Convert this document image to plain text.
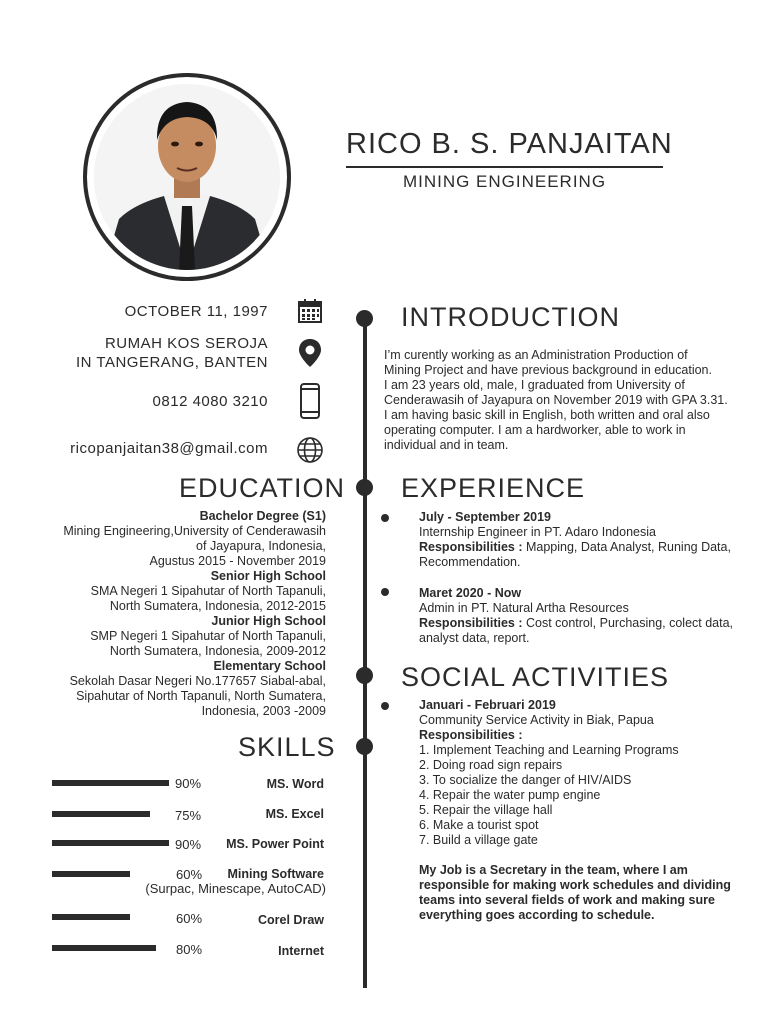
RICO B. S. PANJAITAN
MINING ENGINEERING
OCTOBER 11, 1997
RUMAH KOS SEROJA
IN TANGERANG, BANTEN
0812 4080 3210
ricopanjaitan38@gmail.com
INTRODUCTION
I’m curently working as an Administration Production of
Mining Project and have previous background in education.
I am 23 years old, male, I graduated from University of
Cenderawasih of Jayapura on November 2019 with GPA 3.31.
I am having basic skill in English, both written and oral also
operating computer. I am a hardworker, able to work in
individual and in team.
EDUCATION
Bachelor Degree (S1)
Mining Engineering,University of Cenderawasih
of Jayapura, Indonesia,
Agustus 2015 - November 2019
Senior High School
SMA Negeri 1 Sipahutar of North Tapanuli,
North Sumatera, Indonesia, 2012-2015
Junior High School
SMP Negeri 1 Sipahutar of North Tapanuli,
North Sumatera, Indonesia, 2009-2012
Elementary School
Sekolah Dasar Negeri No.177657 Siabal-abal,
Sipahutar of North Tapanuli, North Sumatera,
Indonesia, 2003 -2009
EXPERIENCE
July - September 2019
Internship Engineer in PT. Adaro Indonesia
Responsibilities : Mapping, Data Analyst, Runing Data,
Recommendation.
Maret 2020 - Now
Admin in PT. Natural Artha Resources
Responsibilities : Cost control, Purchasing, colect data,
analyst data, report.
SOCIAL ACTIVITIES
Januari - Februari 2019
Community Service Activity in Biak, Papua
Responsibilities :
1. Implement Teaching and Learning Programs
2. Doing road sign repairs
3. To socialize the danger of HIV/AIDS
4. Repair the water pump engine
5. Repair the village hall
6. Make a tourist spot
7. Build a village gate
My Job is a Secretary in the team, where I am
responsible for making work schedules and dividing
teams into several fields of work and making sure
everything goes according to schedule.
SKILLS
90%	MS. Word
75%	MS. Excel
90% MS. Power Point
60% Mining Software
(Surpac, Minescape, AutoCAD)
60%	Corel Draw
80%	Internet
